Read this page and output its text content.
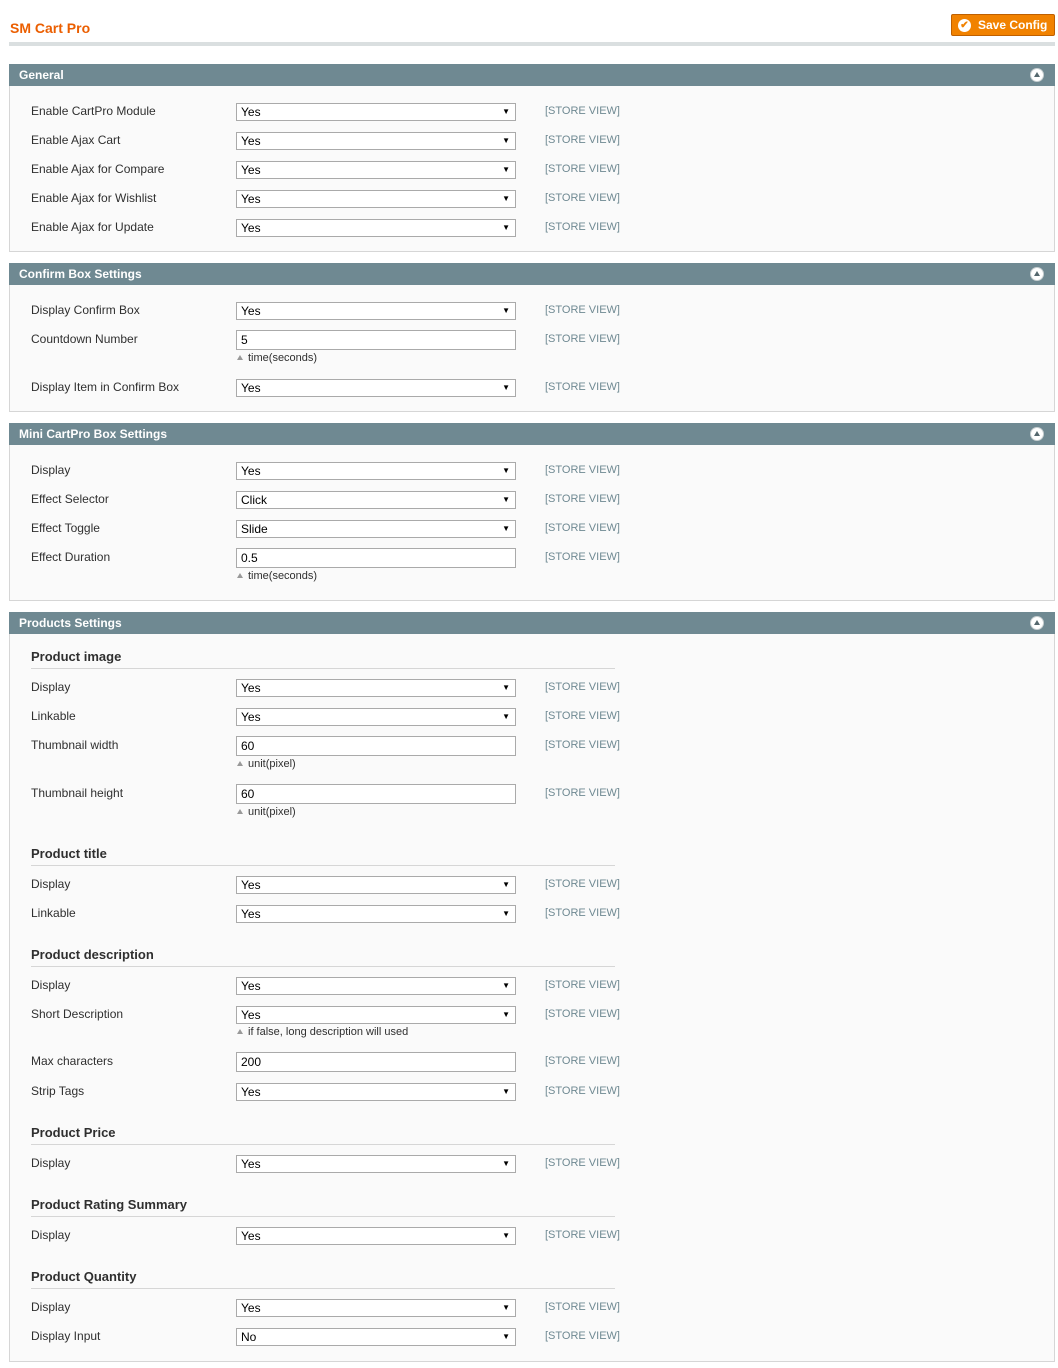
SM Cart Pro	✔ Save Config
General
Enable CartPro Module	Yes ▼	[STORE VIEW]
Enable Ajax Cart	Yes ▼	[STORE VIEW]
Enable Ajax for Compare	Yes ▼	[STORE VIEW]
Enable Ajax for Wishlist	Yes ▼	[STORE VIEW]
Enable Ajax for Update	Yes ▼	[STORE VIEW]
Confirm Box Settings
Display Confirm Box	Yes ▼	[STORE VIEW]
Countdown Number	5	[STORE VIEW]
time(seconds)
Display Item in Confirm Box	Yes ▼	[STORE VIEW]
Mini CartPro Box Settings
Display	Yes ▼	[STORE VIEW]
Effect Selector	Click ▼	[STORE VIEW]
Effect Toggle	Slide ▼	[STORE VIEW]
Effect Duration	0.5	[STORE VIEW]
time(seconds)
Products Settings
Product image
Display	Yes ▼	[STORE VIEW]
Linkable	Yes ▼	[STORE VIEW]
Thumbnail width	60	[STORE VIEW]
unit(pixel)
Thumbnail height	60	[STORE VIEW]
unit(pixel)
Product title
Display	Yes ▼	[STORE VIEW]
Linkable	Yes ▼	[STORE VIEW]
Product description
Display	Yes ▼	[STORE VIEW]
Short Description	Yes ▼	[STORE VIEW]
if false, long description will used
Max characters	200	[STORE VIEW]
Strip Tags	Yes ▼	[STORE VIEW]
Product Price
Display	Yes ▼	[STORE VIEW]
Product Rating Summary
Display	Yes ▼	[STORE VIEW]
Product Quantity
Display	Yes ▼	[STORE VIEW]
Display Input	No ▼	[STORE VIEW]
